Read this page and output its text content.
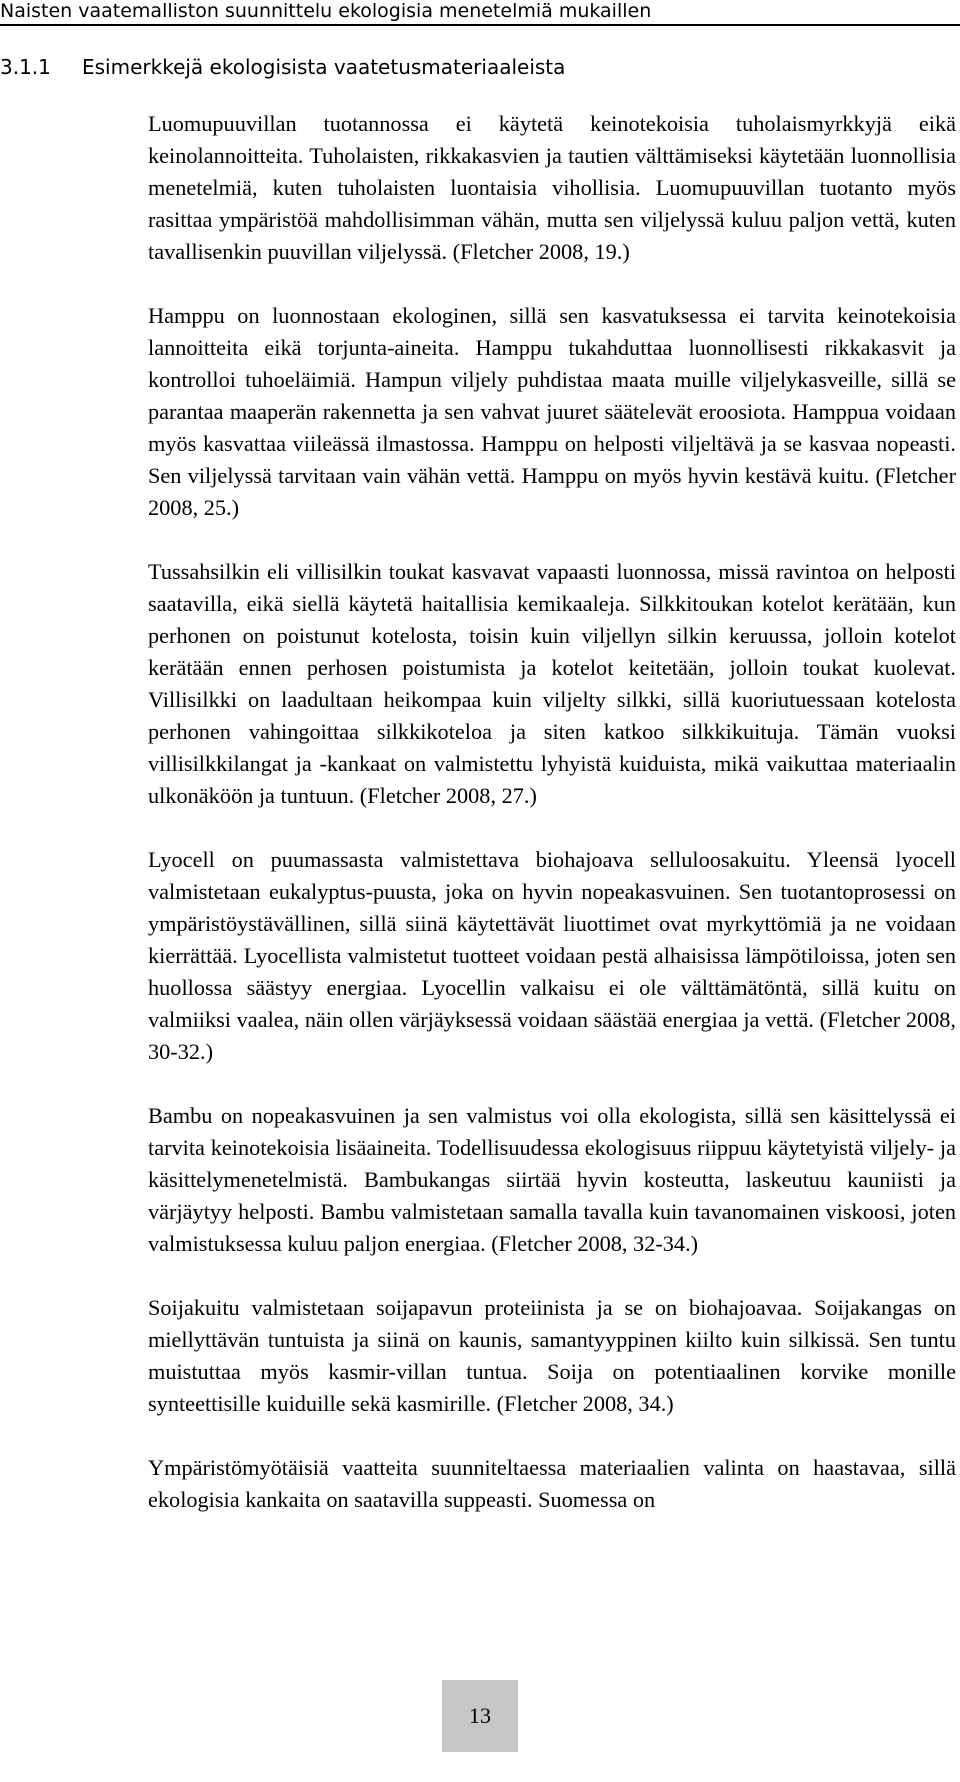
Naisten vaatemalliston suunnittelu ekologisia menetelmiä mukaillen
3.1.1 Esimerkkejä ekologisista vaatetusmateriaaleista

Luomupuuvillan tuotannossa ei käytetä keinotekoisia tuholaismyrkkyjä eikä keinolannoitteita. Tuholaisten, rikkakasvien ja tautien välttämiseksi käytetään luonnollisia menetelmiä, kuten tuholaisten luontaisia vihollisia. Luomupuuvillan tuotanto myös rasittaa ympäristöä mahdollisimman vähän, mutta sen viljelyssä kuluu paljon vettä, kuten tavallisenkin puuvillan viljelyssä. (Fletcher 2008, 19.)

Hamppu on luonnostaan ekologinen, sillä sen kasvatuksessa ei tarvita keinotekoisia lannoitteita eikä torjunta-aineita. Hamppu tukahduttaa luonnollisesti rikkakasvit ja kontrolloi tuhoeläimiä. Hampun viljely puhdistaa maata muille viljelykasveille, sillä se parantaa maaperän rakennetta ja sen vahvat juuret säätelevät eroosiota. Hamppua voidaan myös kasvattaa viileässä ilmastossa. Hamppu on helposti viljeltävä ja se kasvaa nopeasti. Sen viljelyssä tarvitaan vain vähän vettä. Hamppu on myös hyvin kestävä kuitu. (Fletcher 2008, 25.)

Tussahsilkin eli villisilkin toukat kasvavat vapaasti luonnossa, missä ravintoa on helposti saatavilla, eikä siellä käytetä haitallisia kemikaaleja. Silkkitoukan kotelot kerätään, kun perhonen on poistunut kotelosta, toisin kuin viljellyn silkin keruussa, jolloin kotelot kerätään ennen perhosen poistumista ja kotelot keitetään, jolloin toukat kuolevat. Villisilkki on laadultaan heikompaa kuin viljelty silkki, sillä kuoriutuessaan kotelosta perhonen vahingoittaa silkkikoteloa ja siten katkoo silkkikuituja. Tämän vuoksi villisilkkilangat ja -kankaat on valmistettu lyhyistä kuiduista, mikä vaikuttaa materiaalin ulkonäköön ja tuntuun. (Fletcher 2008, 27.)

Lyocell on puumassasta valmistettava biohajoava selluloosakuitu. Yleensä lyocell valmistetaan eukalyptus-puusta, joka on hyvin nopeakasvuinen. Sen tuotantoprosessi on ympäristöystävällinen, sillä siinä käytettävät liuottimet ovat myrkyttömiä ja ne voidaan kierrättää. Lyocellista valmistetut tuotteet voidaan pestä alhaisissa lämpötiloissa, joten sen huollossa säästyy energiaa. Lyocellin valkaisu ei ole välttämätöntä, sillä kuitu on valmiiksi vaalea, näin ollen värjäyksessä voidaan säästää energiaa ja vettä. (Fletcher 2008, 30-32.)

Bambu on nopeakasvuinen ja sen valmistus voi olla ekologista, sillä sen käsittelyssä ei tarvita keinotekoisia lisäaineita. Todellisuudessa ekologisuus riippuu käytetyistä viljely- ja käsittelymenetelmistä. Bambukangas siirtää hyvin kosteutta, laskeutuu kauniisti ja värjäytyy helposti. Bambu valmistetaan samalla tavalla kuin tavanomainen viskoosi, joten valmistuksessa kuluu paljon energiaa. (Fletcher 2008, 32-34.)

Soijakuitu valmistetaan soijapavun proteiinista ja se on biohajoavaa. Soijakangas on miellyttävän tuntuista ja siinä on kaunis, samantyyppinen kiilto kuin silkissä. Sen tuntu muistuttaa myös kasmir-villan tuntua. Soija on potentiaalinen korvike monille synteettisille kuiduille sekä kasmirille. (Fletcher 2008, 34.)

Ympäristömyötäisiä vaatteita suunniteltaessa materiaalien valinta on haastavaa, sillä ekologisia kankaita on saatavilla suppeasti. Suomessa on

13
